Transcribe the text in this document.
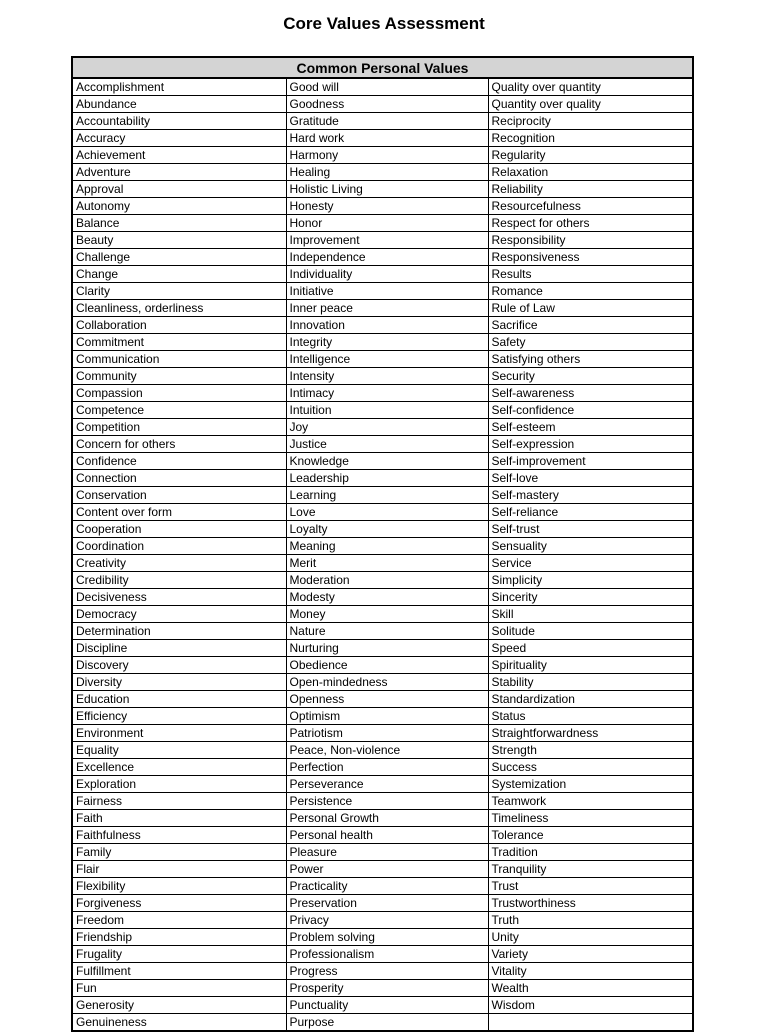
Core Values Assessment
Common Personal Values		
Accomplishment	Good will	Quality over quantity
Abundance	Goodness	Quantity over quality
Accountability	Gratitude	Reciprocity
Accuracy	Hard work	Recognition
Achievement	Harmony	Regularity
Adventure	Healing	Relaxation
Approval	Holistic Living	Reliability
Autonomy	Honesty	Resourcefulness
Balance	Honor	Respect for others
Beauty	Improvement	Responsibility
Challenge	Independence	Responsiveness
Change	Individuality	Results
Clarity	Initiative	Romance
Cleanliness, orderliness	Inner peace	Rule of Law
Collaboration	Innovation	Sacrifice
Commitment	Integrity	Safety
Communication	Intelligence	Satisfying others
Community	Intensity	Security
Compassion	Intimacy	Self-awareness
Competence	Intuition	Self-confidence
Competition	Joy	Self-esteem
Concern for others	Justice	Self-expression
Confidence	Knowledge	Self-improvement
Connection	Leadership	Self-love
Conservation	Learning	Self-mastery
Content over form	Love	Self-reliance
Cooperation	Loyalty	Self-trust
Coordination	Meaning	Sensuality
Creativity	Merit	Service
Credibility	Moderation	Simplicity
Decisiveness	Modesty	Sincerity
Democracy	Money	Skill
Determination	Nature	Solitude
Discipline	Nurturing	Speed
Discovery	Obedience	Spirituality
Diversity	Open-mindedness	Stability
Education	Openness	Standardization
Efficiency	Optimism	Status
Environment	Patriotism	Straightforwardness
Equality	Peace, Non-violence	Strength
Excellence	Perfection	Success
Exploration	Perseverance	Systemization
Fairness	Persistence	Teamwork
Faith	Personal Growth	Timeliness
Faithfulness	Personal health	Tolerance
Family	Pleasure	Tradition
Flair	Power	Tranquility
Flexibility	Practicality	Trust
Forgiveness	Preservation	Trustworthiness
Freedom	Privacy	Truth
Friendship	Problem solving	Unity
Frugality	Professionalism	Variety
Fulfillment	Progress	Vitality
Fun	Prosperity	Wealth
Generosity	Punctuality	Wisdom
Genuineness	Purpose	
